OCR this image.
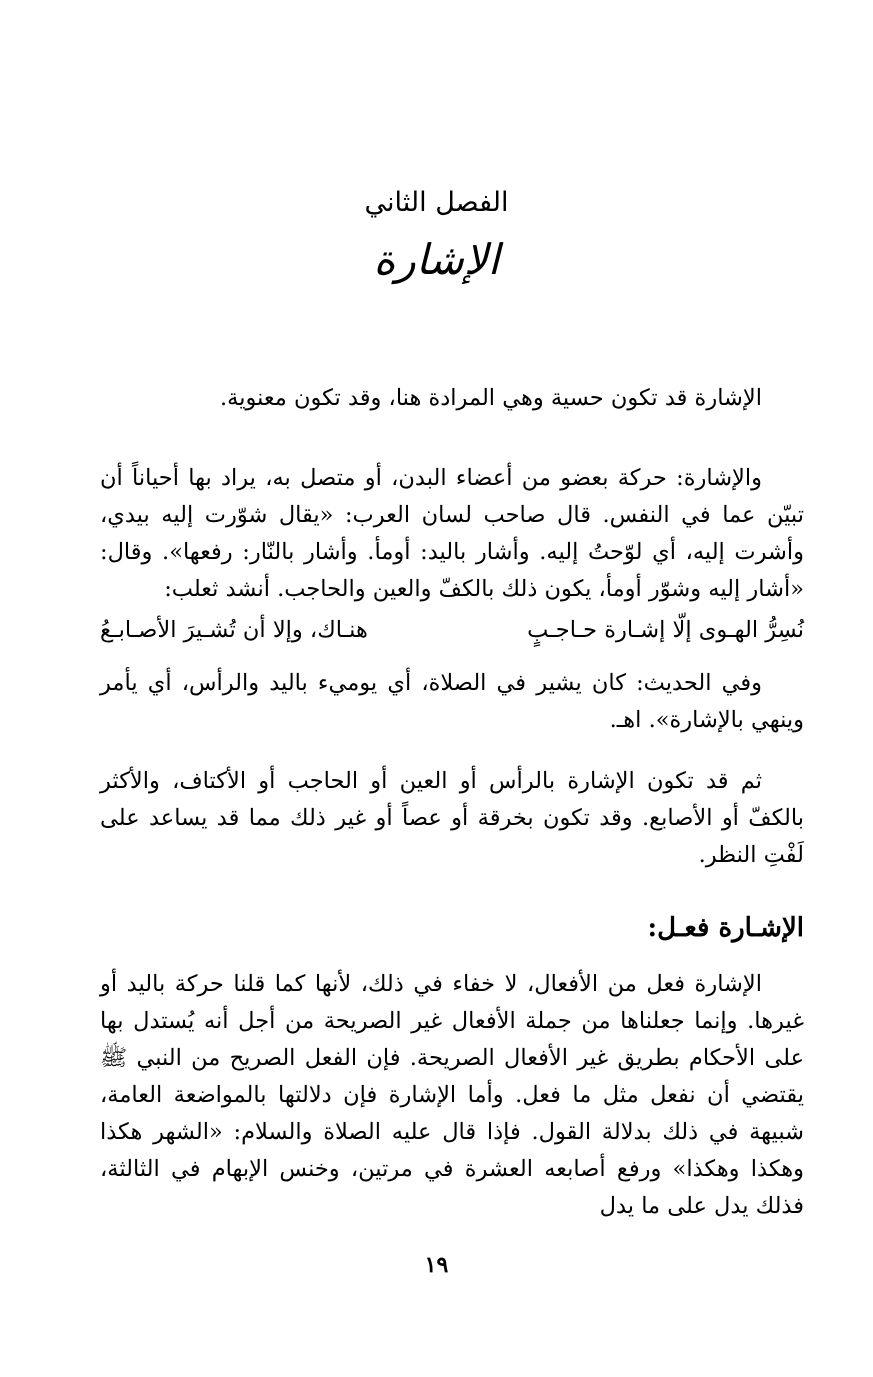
الفصل الثاني
الإشارة

الإشارة قد تكون حسية وهي المرادة هنا، وقد تكون معنوية.

والإشارة: حركة بعضو من أعضاء البدن، أو متصل به، يراد بها أحياناً أن تبيّن عما في النفس. قال صاحب لسان العرب: «يقال شوّرت إليه بيدي، وأشرت إليه، أي لوّحتُ إليه. وأشار باليد: أومأ. وأشار بالنّار: رفعها». وقال: «أشار إليه وشوّر أومأ، يكون ذلك بالكفّ والعين والحاجب. أنشد ثعلب:

نُسِرُّ الهـوى إلّا إشـارة حـاجـبٍ
هنـاك، وإلا أن تُشـيرَ الأصـابـعُ

وفي الحديث: كان يشير في الصلاة، أي يوميء باليد والرأس، أي يأمر وينهي بالإشارة». اهـ.

ثم قد تكون الإشارة بالرأس أو العين أو الحاجب أو الأكتاف، والأكثر بالكفّ أو الأصابع. وقد تكون بخرقة أو عصاً أو غير ذلك مما قد يساعد على لَفْتِ النظر.

الإشـارة فعـل:

الإشارة فعل من الأفعال، لا خفاء في ذلك، لأنها كما قلنا حركة باليد أو غيرها. وإنما جعلناها من جملة الأفعال غير الصريحة من أجل أنه يُستدل بها على الأحكام بطريق غير الأفعال الصريحة. فإن الفعل الصريح من النبي ﷺ يقتضي أن نفعل مثل ما فعل. وأما الإشارة فإن دلالتها بالمواضعة العامة، شبيهة في ذلك بدلالة القول. فإذا قال عليه الصلاة والسلام: «الشهر هكذا وهكذا وهكذا» ورفع أصابعه العشرة في مرتين، وخنس الإبهام في الثالثة، فذلك يدل على ما يدل

١٩
